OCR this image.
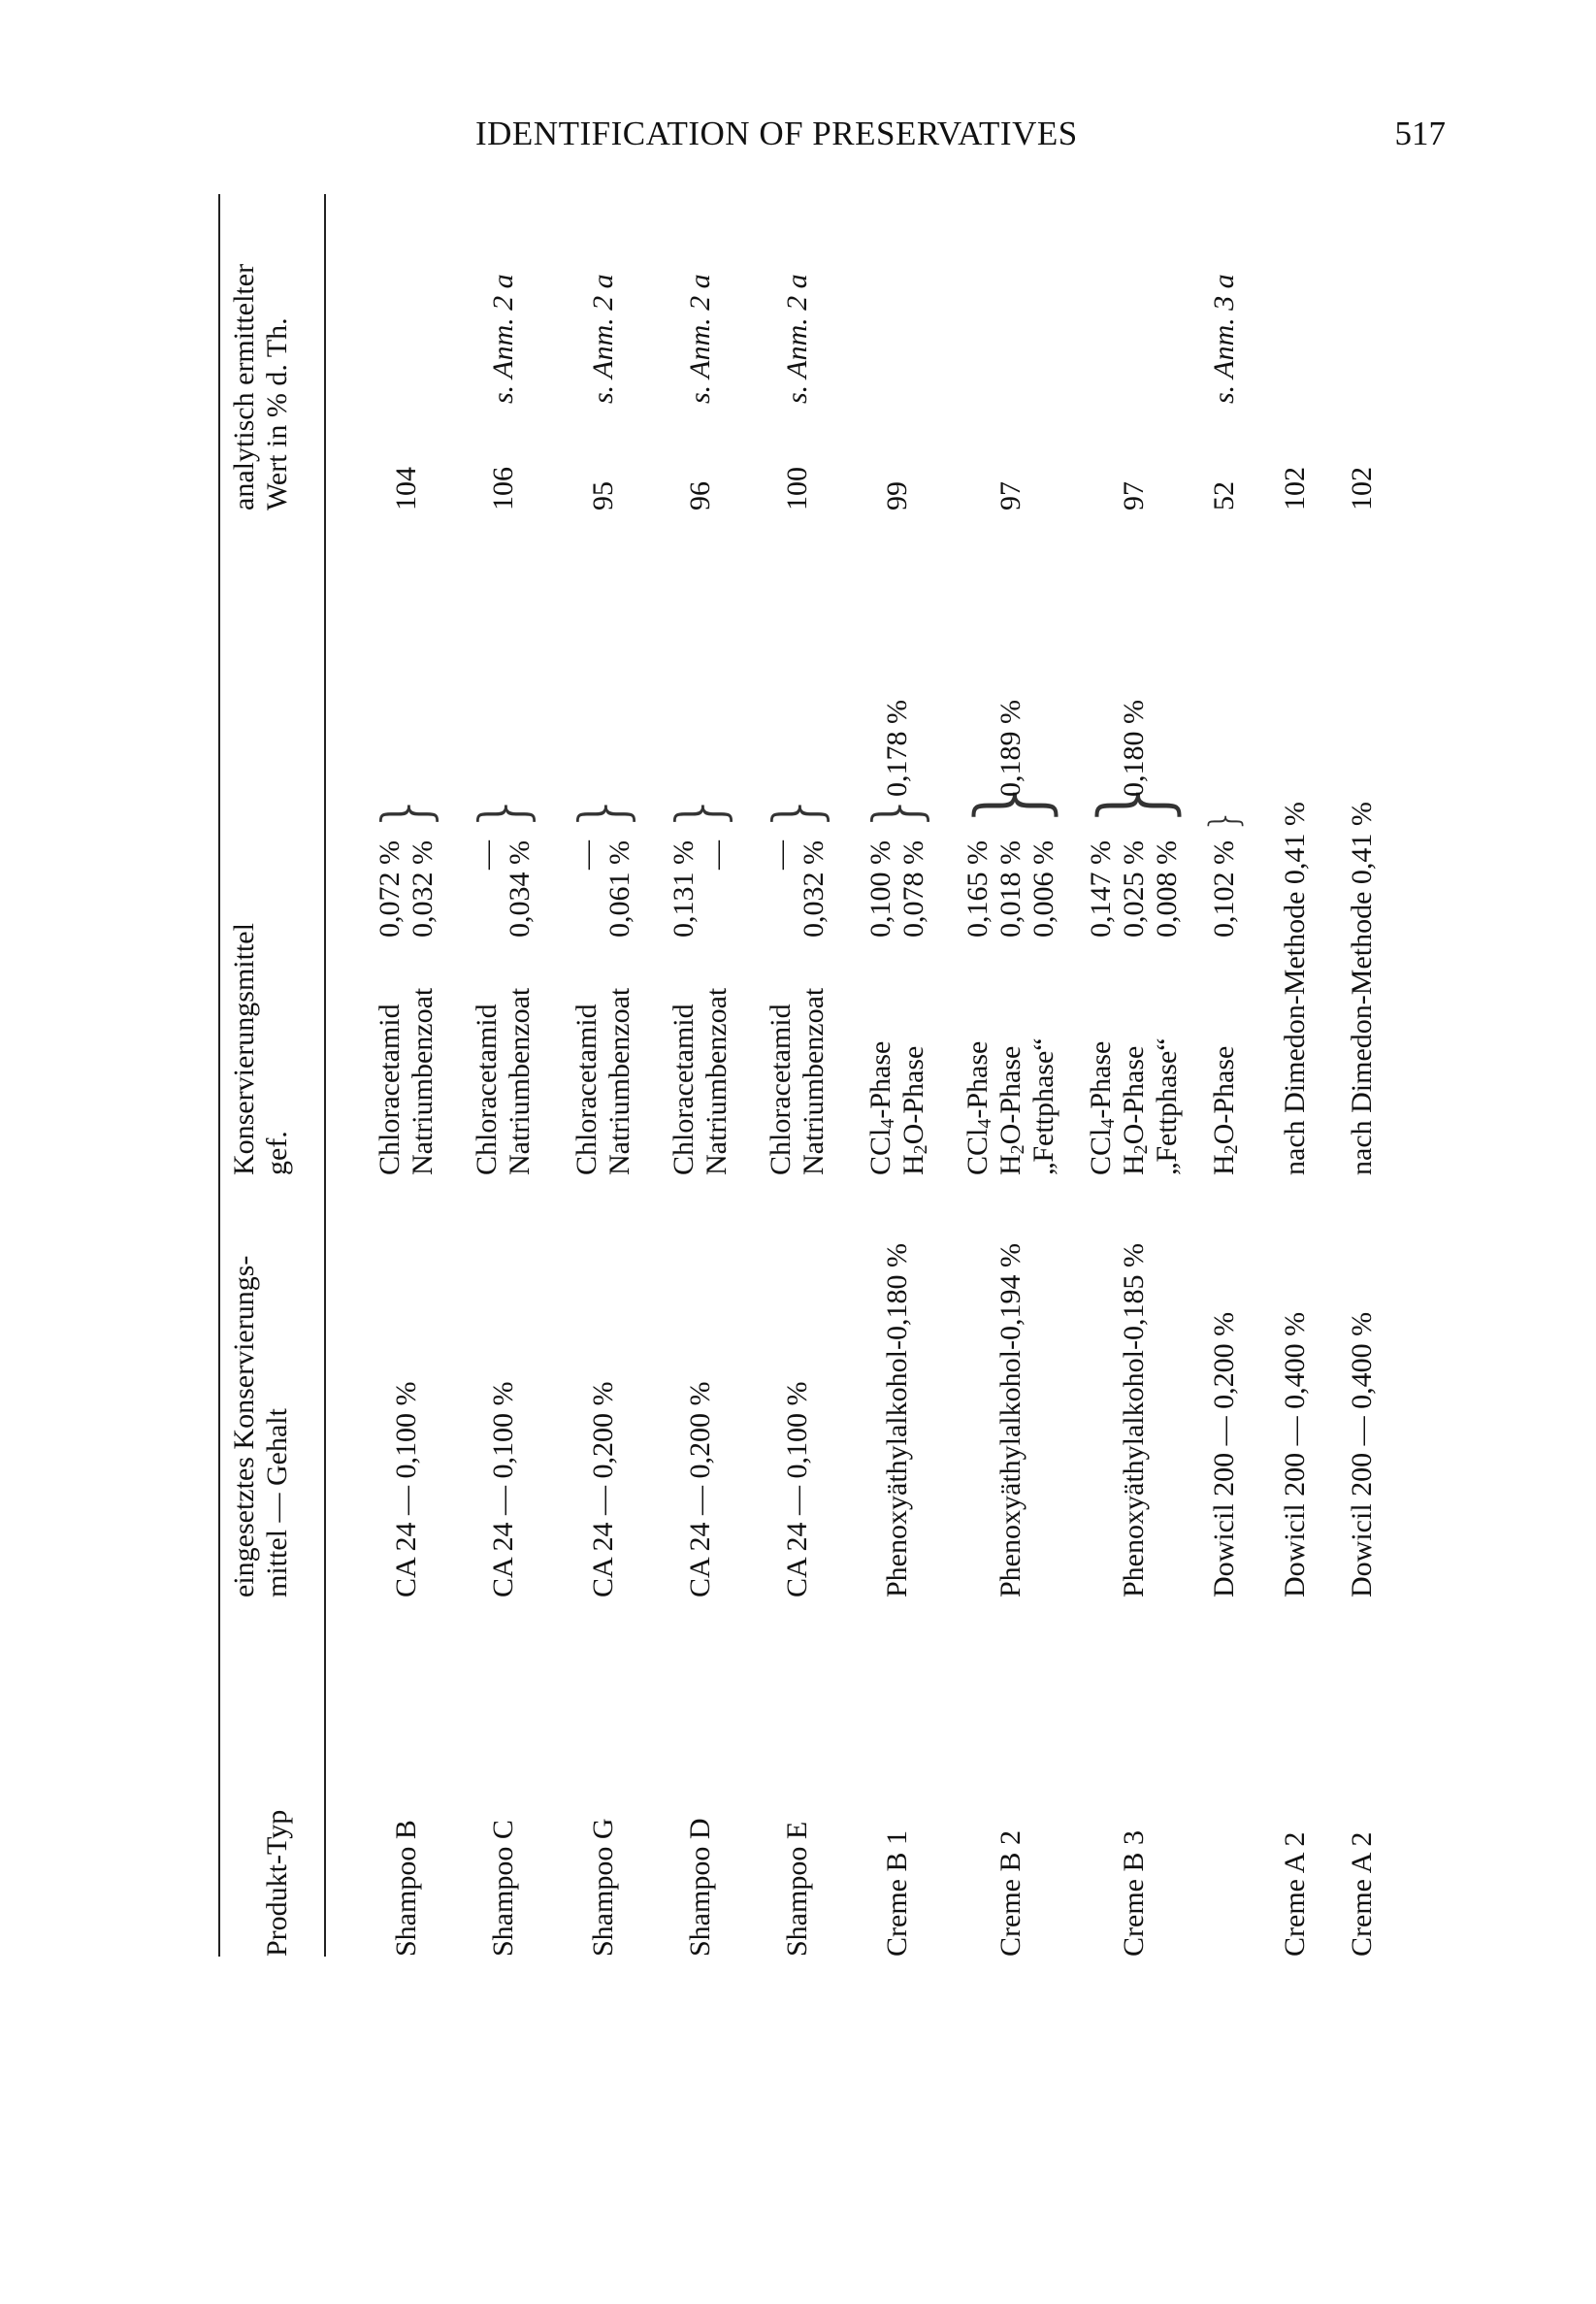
IDENTIFICATION OF PRESERVATIVES	517
Produkt-Typ
eingesetztes Konservierungs- mittel — Gehalt
Konservierungsmittel gef.
analytisch ermittelter Wert in % d. Th.
Shampoo B
CA 24 — 0,100 %
Chloracetamid Natriumbenzoat
0,072 % 0,032 %
}
104
Shampoo C
CA 24 — 0,100 %
Chloracetamid Natriumbenzoat
— 0,034 %
}
106
s. Anm. 2 a
Shampoo G
CA 24 — 0,200 %
Chloracetamid Natriumbenzoat
— 0,061 %
}
95
s. Anm. 2 a
Shampoo D
CA 24 — 0,200 %
Chloracetamid Natriumbenzoat
0,131 % —
}
96
s. Anm. 2 a
Shampoo E
CA 24 — 0,100 %
Chloracetamid Natriumbenzoat
— 0,032 %
}
100
s. Anm. 2 a
Creme B 1
Phenoxyäthylalkohol-0,180 %
CCl$_4$-Phase
$H_2O$-Phase
0,100 % 0,078 %
}
0,178 %
99
Creme B 2
Phenoxyäthylalkohol-0,194 %
CCl$_4$-Phase
$H_2O$-Phase „Fettphase“
0,165 % 0,018 % 0,006 %
}
0,189 %
97
Creme B 3
Phenoxyäthylalkohol-0,185 %
CCl$_4$-Phase
$H_2O$-Phase „Fettphase“
0,147 % 0,025 % 0,008 %
}
0,180 %
97
Dowicil 200 — 0,200 %
$H_2O$-Phase
0,102 %
}
52
s. Anm. 3 a
Creme A 2
Dowicil 200 — 0,400 %
nach Dimedon-Methode 0,41 %
102
Creme A 2
Dowicil 200 — 0,400 %
nach Dimedon-Methode 0,41 %
102
